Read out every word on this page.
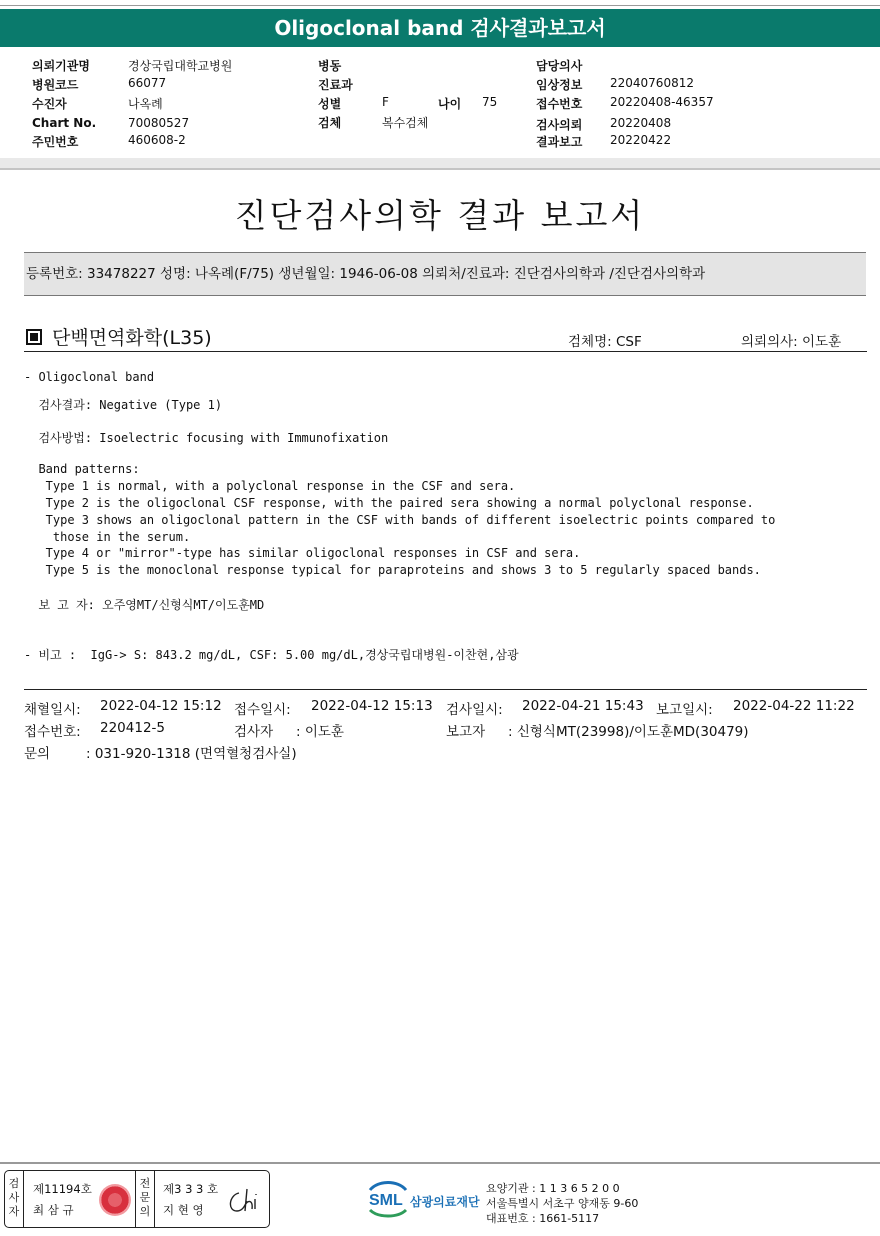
Oligoclonal band 검사결과보고서
의뢰기관명	경상국립대학교병원
병원코드	66077
수진자	나옥례
Chart No.	70080527
주민번호	460608-2
병동
진료과
성별	F	나이 75
검체	복수검체
담당의사
임상정보 22040760812
접수번호 20220408-46357
검사의뢰 20220408
결과보고 20220422
진단검사의학 결과 보고서
등록번호: 33478227 성명: 나옥례(F/75) 생년월일: 1946-06-08 의뢰처/진료과: 진단검사의학과 /진단검사의학과
단백면역화학(L35)	검체명: CSF	의뢰의사: 이도훈
- Oligoclonal band
검사결과: Negative (Type 1)
검사방법: Isoelectric focusing with Immunofixation
Band patterns:
Type 1 is normal, with a polyclonal response in the CSF and sera.
Type 2 is the oligoclonal CSF response, with the paired sera showing a normal polyclonal response.
Type 3 shows an oligoclonal pattern in the CSF with bands of different isoelectric points compared to
those in the serum.
Type 4 or "mirror"-type has similar oligoclonal responses in CSF and sera.
Type 5 is the monoclonal response typical for paraproteins and shows 3 to 5 regularly spaced bands.
보 고 자: 오주영MT/신형식MT/이도훈MD
- 비고 :  IgG-> S: 843.2 mg/dL, CSF: 5.00 mg/dL,경상국립대병원-이찬현,삼광
채혈일시: 2022-04-12 15:12 접수일시: 2022-04-12 15:13 검사일시: 2022-04-21 15:43 보고일시: 2022-04-22 11:22
접수번호: 220412-5	검사자 : 이도훈	보고자 : 신형식MT(23998)/이도훈MD(30479)
문의	: 031-920-1318 (면역혈청검사실)
검
사
자
제11194호
최 삼 규
전
문
의
제3 3 3 호
지 현 영
SML 삼광의료재단
요양기관 : 1 1 3 6 5 2 0 0
서울특별시 서초구 양재동 9-60
대표번호 : 1661-5117
